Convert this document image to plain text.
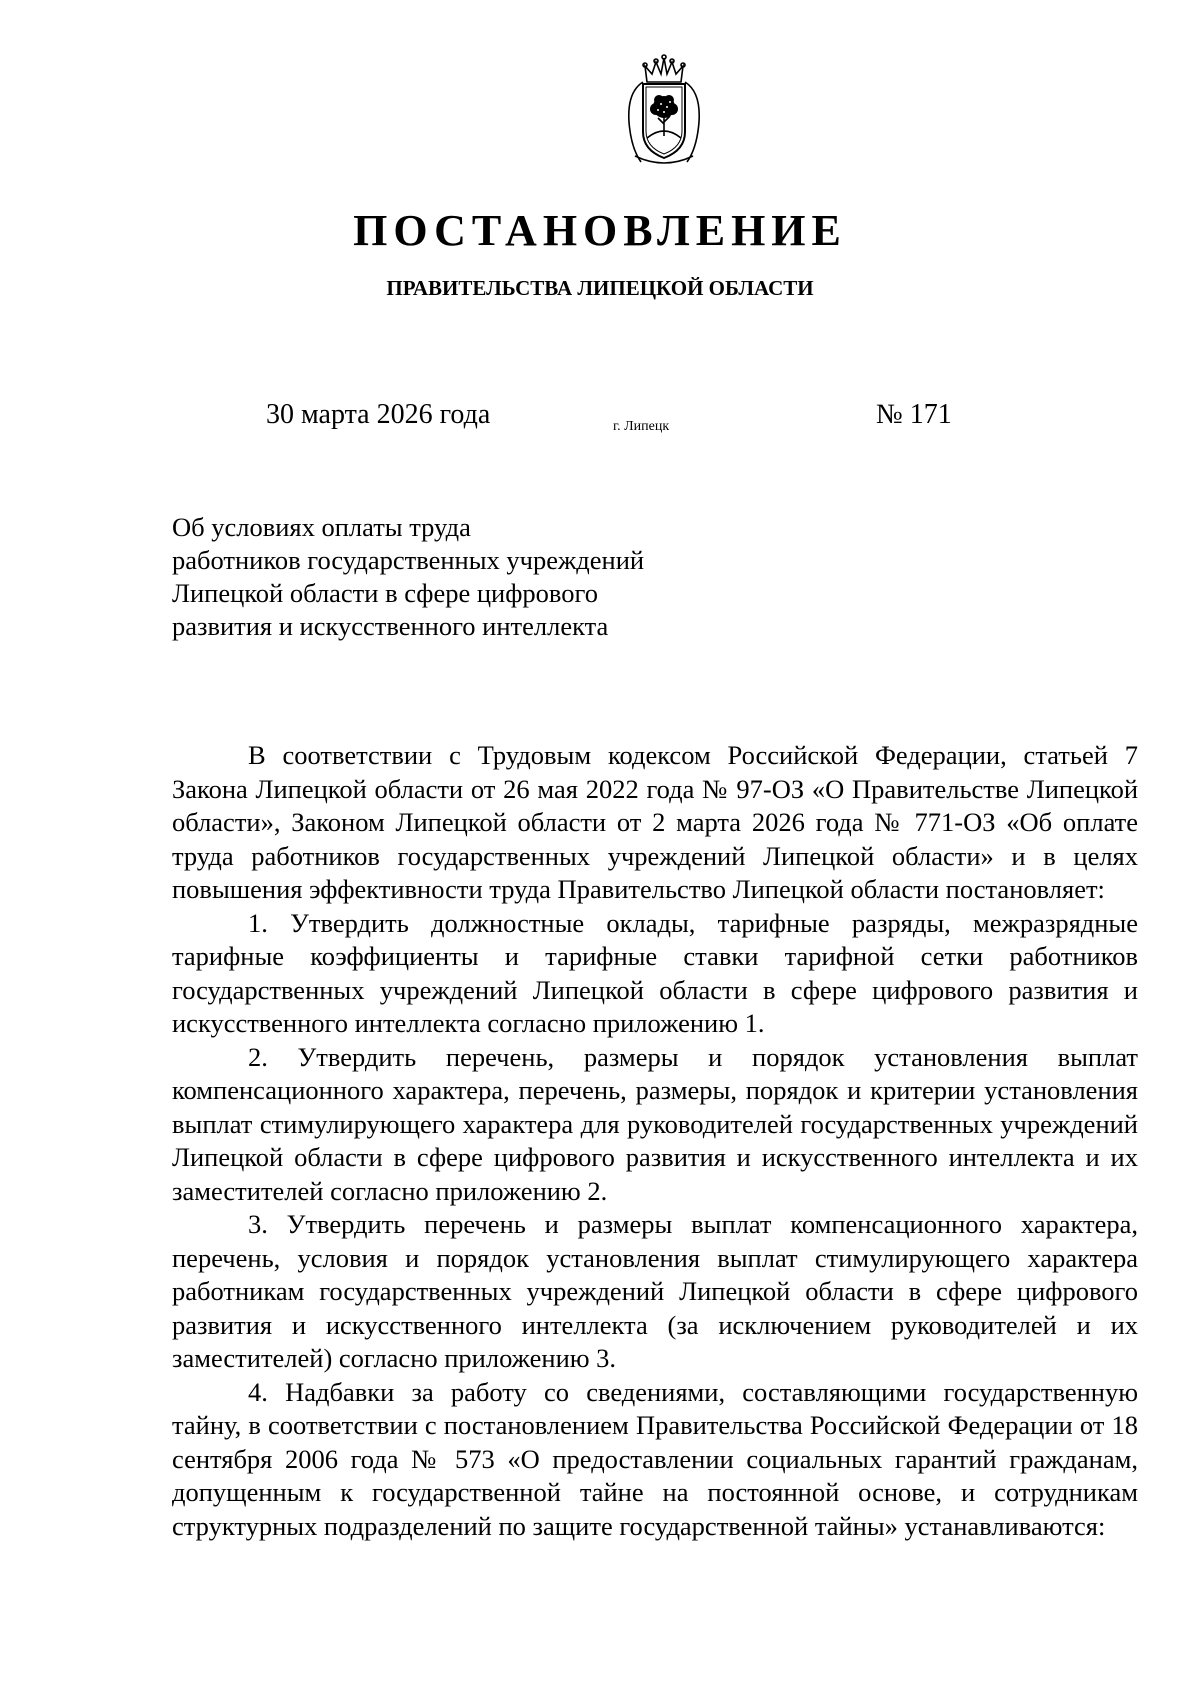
ПОСТАНОВЛЕНИЕ
ПРАВИТЕЛЬСТВА ЛИПЕЦКОЙ ОБЛАСТИ
30 марта 2026 года	г. Липецк	№ 171
Об условиях оплаты труда
работников государственных учреждений
Липецкой области в сфере цифрового
развития и искусственного интеллекта

В соответствии с Трудовым кодексом Российской Федерации, статьей 7 Закона Липецкой области от 26 мая 2022 года № 97-ОЗ «О Правительстве Липецкой области», Законом Липецкой области от 2 марта 2026 года № 771-ОЗ «Об оплате труда работников государственных учреждений Липецкой области» и в целях повышения эффективности труда Правительство Липецкой области постановляет:

1. Утвердить должностные оклады, тарифные разряды, межразрядные тарифные коэффициенты и тарифные ставки тарифной сетки работников государственных учреждений Липецкой области в сфере цифрового развития и искусственного интеллекта согласно приложению 1.

2. Утвердить перечень, размеры и порядок установления выплат компенсационного характера, перечень, размеры, порядок и критерии установления выплат стимулирующего характера для руководителей государственных учреждений Липецкой области в сфере цифрового развития и искусственного интеллекта и их заместителей согласно приложению 2.

3. Утвердить перечень и размеры выплат компенсационного характера, перечень, условия и порядок установления выплат стимулирующего характера работникам государственных учреждений Липецкой области в сфере цифрового развития и искусственного интеллекта (за исключением руководителей и их заместителей) согласно приложению 3.

4. Надбавки за работу со сведениями, составляющими государственную тайну, в соответствии с постановлением Правительства Российской Федерации от 18 сентября 2006 года № 573 «О предоставлении социальных гарантий гражданам, допущенным к государственной тайне на постоянной основе, и сотрудникам структурных подразделений по защите государственной тайны» устанавливаются:
